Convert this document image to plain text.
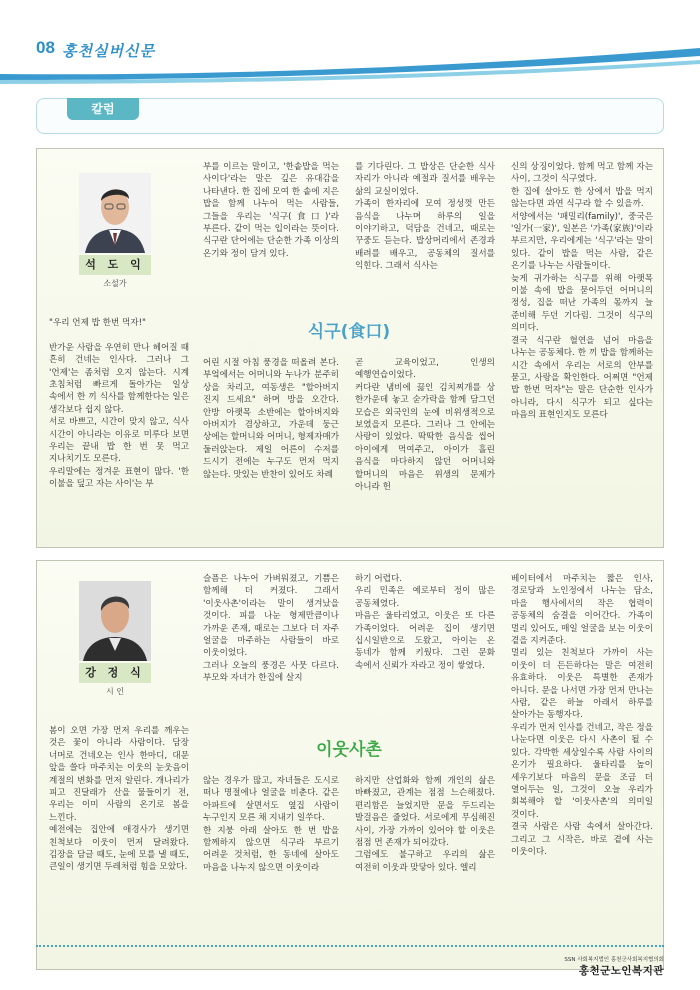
08 홍천실버신문
칼럼
석 도 익
소설가
"우리 언제 밥 한번 먹자!"

반가운 사람을 우연히 만나 헤어질 때 흔히 건네는 인사다. 그러나 그 '언제'는 좀처럼 오지 않는다. 시계 초침처럼 빠르게 돌아가는 일상 속에서 한 끼 식사를 함께한다는 일은 생각보다 쉽지 않다.
서로 바쁘고, 시간이 맞지 않고, 식사 시간이 아니라는 이유로 미루다 보면 우리는 끝내 밥 한 번 못 먹고 지나치기도 모른다.
우리말에는 정겨운 표현이 많다. '한 이불을 덮고 자는 사이'는 부
부를 이르는 말이고, '한솥밥을 먹는 사이다'라는 말은 깊은 유대감을 나타낸다. 한 집에 모여 한 솥에 지은 밥을 함께 나누어 먹는 사람들, 그들을 우리는 '식구(食口)'라 부른다. 같이 먹는 입이라는 뜻이다. 식구란 단어에는 단순한 가족 이상의 온기와 정이 담겨 있다.
를 기다린다. 그 밥상은 단순한 식사 자리가 아니라 예절과 질서를 배우는 삶의 교실이었다.
가족이 한자리에 모여 정성껏 만든 음식을 나누며 하루의 일을 이야기하고, 덕담을 건네고, 때로는 꾸중도 듣는다. 밥상머리에서 존경과 배려를 배우고, 공동체의 질서를 익힌다. 그래서 식사는
신의 상징이었다. 함께 먹고 함께 자는 사이, 그것이 식구였다.
한 집에 살아도 한 상에서 밥을 먹지 않는다면 과연 식구라 할 수 있을까.
서양에서는 '패밀리(family)', 중국은 '일가(一家)', 일본은 '가족(家族)'이라 부르지만, 우리에게는 '식구'라는 말이 있다. 같이 밥을 먹는 사람, 같은 온기를 나누는 사람들이다.
늦게 귀가하는 식구를 위해 아랫목 이불 속에 밥을 묻어두던 어머니의 정성, 집을 떠난 가족의 몫까지 늘 준비해 두던 기다림. 그것이 식구의 의미다.
결국 식구란 혈연을 넘어 마음을 나누는 공동체다. 한 끼 밥을 함께하는 시간 속에서 우리는 서로의 안부를 묻고, 사랑을 확인한다. 어쩌면 "언제 밥 한번 먹자"는 말은 단순한 인사가 아니라, 다시 식구가 되고 싶다는 마음의 표현인지도 모른다
식구(食口)
어린 시절 아침 풍경을 떠올려 본다. 부엌에서는 어머니와 누나가 분주히 상을 차리고, 여동생은 "할아버지 진지 드세요" 하며 방을 오간다. 안방 아랫목 소반에는 할아버지와 아버지가 겸상하고, 가운데 둥근 상에는 할머니와 어머니, 형제자매가 둘러앉는다. 제일 어른이 수저를 드시기 전에는 누구도 먼저 먹지 않는다. 맛있는 반찬이 있어도 차례
곧 교육이었고, 인생의 예행연습이었다.
커다란 냄비에 끓인 김치찌개를 상 한가운데 놓고 숟가락을 함께 담그던 모습은 외국인의 눈에 비위생적으로 보였을지 모른다. 그러나 그 안에는 사랑이 있었다. 딱딱한 음식을 씹어 아이에게 먹여주고, 아이가 흘린 음식을 마다하지 않던 어머니와 할머니의 마음은 위생의 문제가 아니라 헌
강 정 식
시 인
봄이 오면 가장 먼저 우리를 깨우는 것은 꽃이 아니라 사람이다. 담장 너머로 건네오는 인사 한마디, 대문 앞을 쓸다 마주치는 이웃의 눈웃음이 계절의 변화를 먼저 알린다. 개나리가 피고 진달래가 산을 물들이기 전, 우리는 이미 사람의 온기로 봄을 느낀다.
예전에는 집안에 애경사가 생기면 친척보다 이웃이 먼저 달려왔다. 김장을 담글 때도, 눈에 모를 낼 때도, 큰일이 생기면 두레처럼 힘을 모았다.
슬픔은 나누어 가벼워졌고, 기쁨은 함께해 더 커졌다. 그래서 '이웃사촌'이라는 말이 생겨났을 것이다. 피를 나눈 형제만큼이나 가까운 존재, 때로는 그보다 더 자주 얼굴을 마주하는 사람들이 바로 이웃이었다.
그러나 오늘의 풍경은 사뭇 다르다. 부모와 자녀가 한집에 살지
하기 어렵다.
우리 민족은 예로부터 정이 많은 공동체였다.
마음은 울타리였고, 이웃은 또 다른 가족이었다. 어려운 집이 생기면 십시일반으로 도왔고, 아이는 온 동네가 함께 키웠다. 그런 문화 속에서 신뢰가 자라고 정이 쌓였다.
베이터에서 마주치는 짧은 인사, 경로당과 노인정에서 나누는 담소, 마을 행사에서의 작은 협력이 공동체의 숨결을 이어간다. 가족이 멀리 있어도, 매일 얼굴을 보는 이웃이 곁을 지켜준다.
멀리 있는 친척보다 가까이 사는 이웃이 더 든든하다는 말은 여전히 유효하다. 이웃은 특별한 존재가 아니다. 문을 나서면 가장 먼저 만나는 사람, 같은 하늘 아래서 하루를 살아가는 동행자다.
우리가 먼저 인사를 건네고, 작은 정을 나눈다면 이웃은 다시 사촌이 될 수 있다. 각박한 세상일수록 사람 사이의 온기가 필요하다. 울타리를 높이 세우기보다 마음의 문을 조금 더 열어두는 일, 그것이 오늘 우리가 회복해야 할 '이웃사촌'의 의미일 것이다.
결국 사람은 사람 속에서 살아간다. 그리고 그 시작은, 바로 곁에 사는 이웃이다.
이웃사촌
않는 경우가 많고, 자녀들은 도시로 떠나 명절에나 얼굴을 비춘다. 같은 아파트에 살면서도 옆집 사람이 누구인지 모른 채 지내기 일쑤다.
한 지붕 아래 살아도 한 번 밥을 함께하지 않으면 식구라 부르기 어려운 것처럼, 한 동네에 살아도 마음을 나누지 않으면 이웃이라
하지만 산업화와 함께 개인의 삶은 바빠졌고, 관계는 점점 느슨해졌다. 편리함은 늘었지만 문을 두드리는 발걸음은 줄었다. 서로에게 무심해진 사이, 가장 가까이 있어야 할 이웃은 점점 먼 존재가 되어갔다.
그럼에도 불구하고 우리의 삶은 여전히 이웃과 맞닿아 있다. 엘리
SSN 사회복지법인 홍천군사회복지협의회
홍천군노인복지관
